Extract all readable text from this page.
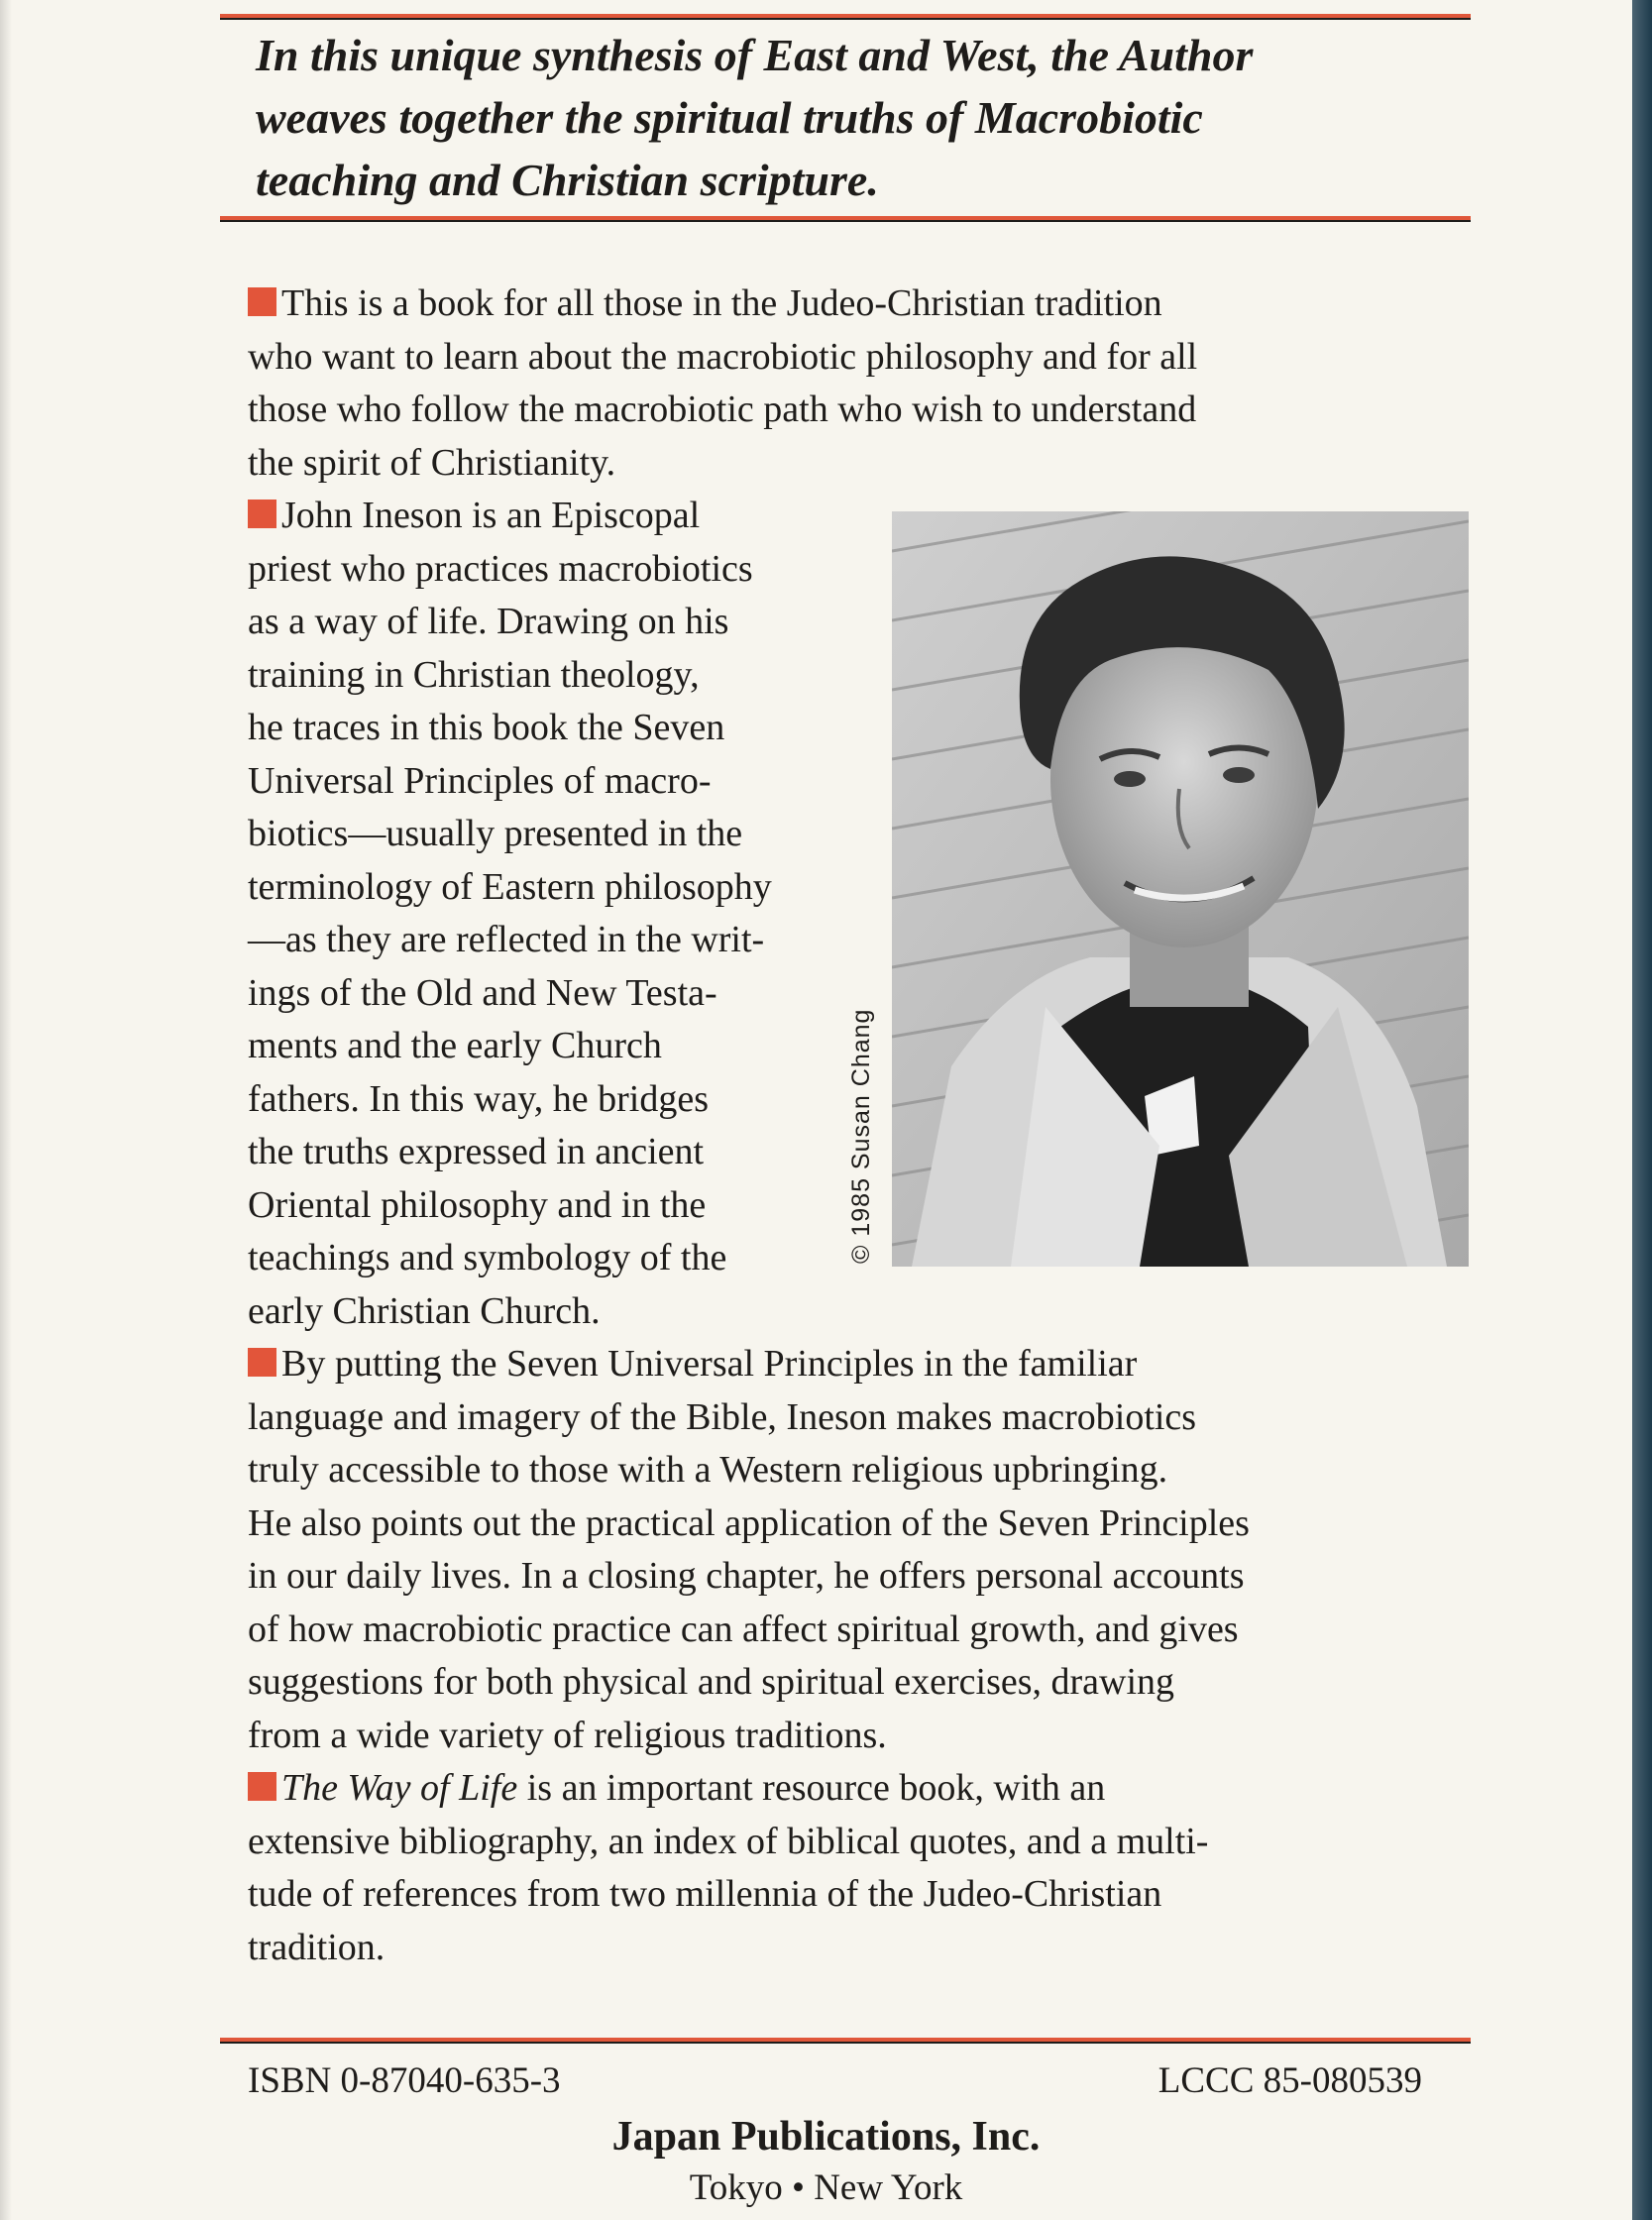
In this unique synthesis of East and West, the Author
weaves together the spiritual truths of Macrobiotic
teaching and Christian scripture.

This is a book for all those in the Judeo-Christian tradition
who want to learn about the macrobiotic philosophy and for all
those who follow the macrobiotic path who wish to understand
the spirit of Christianity.

John Ineson is an Episcopal
priest who practices macrobiotics
as a way of life. Drawing on his
training in Christian theology,
he traces in this book the Seven
Universal Principles of macro-
biotics—usually presented in the
terminology of Eastern philosophy
—as they are reflected in the writ-
ings of the Old and New Testa-
ments and the early Church
fathers. In this way, he bridges
the truths expressed in ancient
Oriental philosophy and in the
teachings and symbology of the
early Christian Church.

By putting the Seven Universal Principles in the familiar
language and imagery of the Bible, Ineson makes macrobiotics
truly accessible to those with a Western religious upbringing.
He also points out the practical application of the Seven Principles
in our daily lives. In a closing chapter, he offers personal accounts
of how macrobiotic practice can affect spiritual growth, and gives
suggestions for both physical and spiritual exercises, drawing
from a wide variety of religious traditions.

The Way of Life is an important resource book, with an
extensive bibliography, an index of biblical quotes, and a multi-
tude of references from two millennia of the Judeo-Christian
tradition.

© 1985 Susan Chang
ISBN 0-87040-635-3	LCCC 85-080539
Japan Publications, Inc.
Tokyo • New York
